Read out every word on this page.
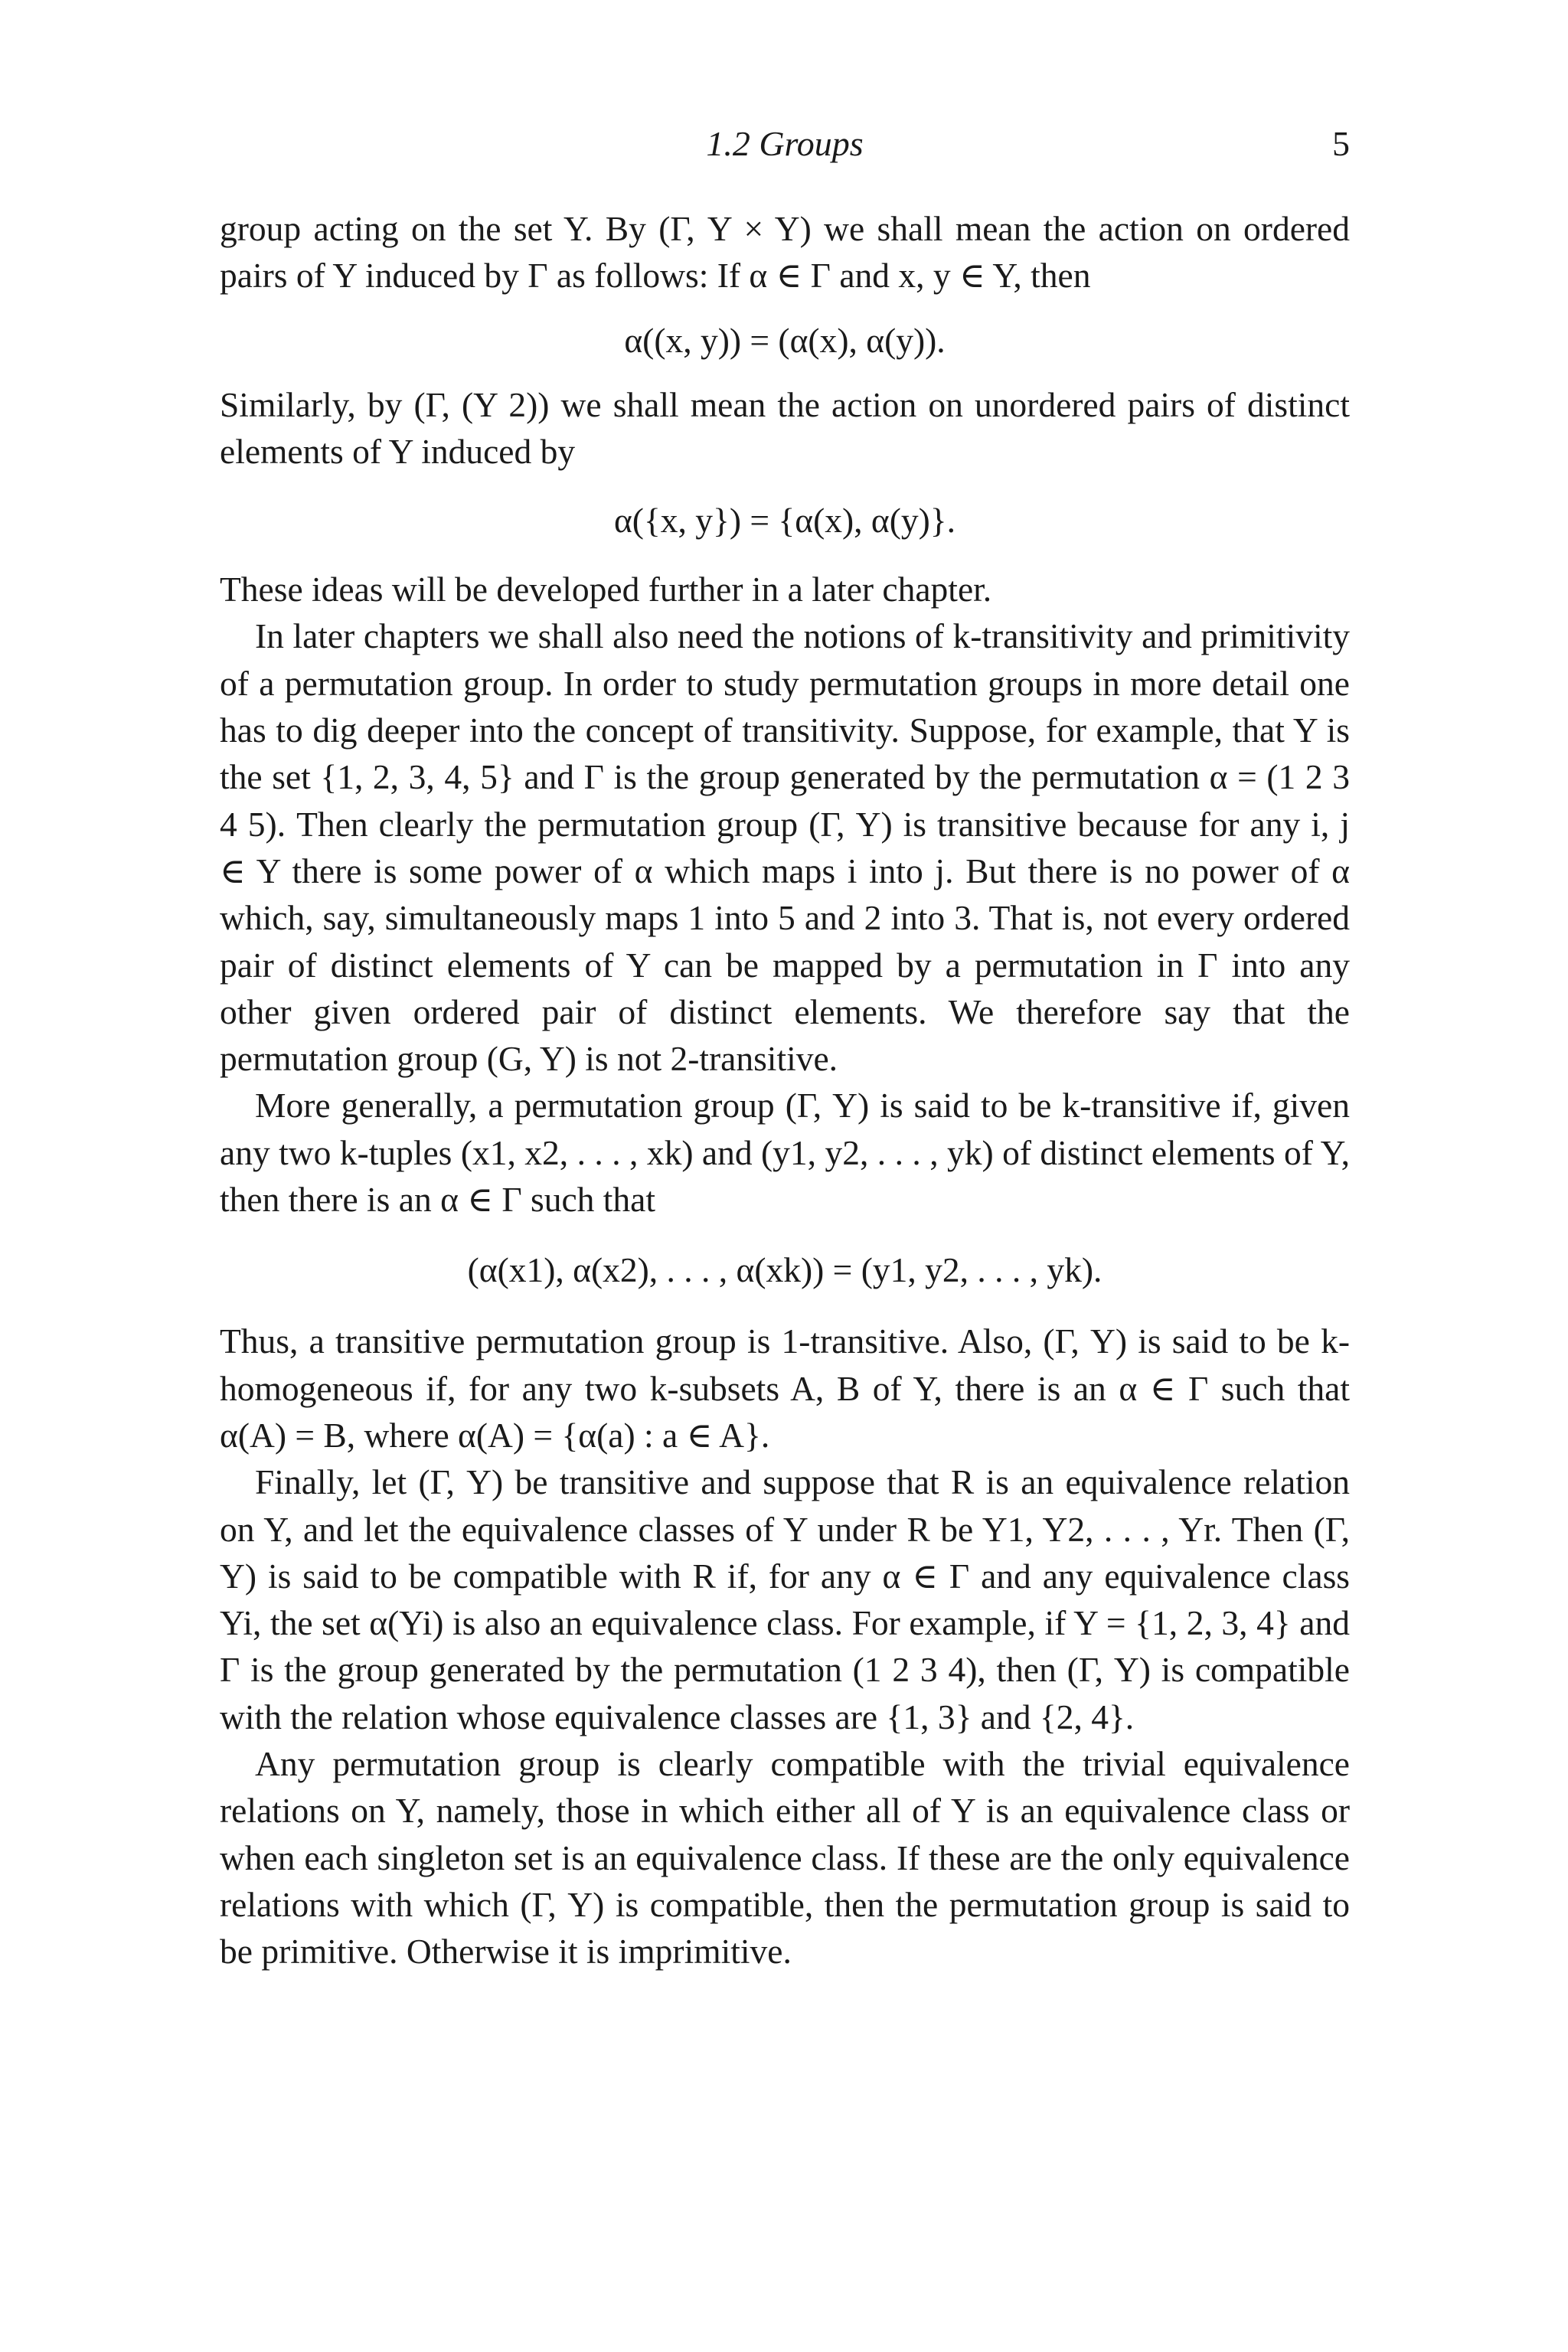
1.2 Groups	5

group acting on the set Y. By (Γ, Y × Y) we shall mean the action on ordered pairs of Y induced by Γ as follows: If α ∈ Γ and x, y ∈ Y, then

α((x, y)) = (α(x), α(y)).

Similarly, by (Γ, (Y 2)) we shall mean the action on unordered pairs of distinct elements of Y induced by

α({x, y}) = {α(x), α(y)}.

These ideas will be developed further in a later chapter.

In later chapters we shall also need the notions of k-transitivity and primitivity of a permutation group. In order to study permutation groups in more detail one has to dig deeper into the concept of transitivity. Suppose, for example, that Y is the set {1, 2, 3, 4, 5} and Γ is the group generated by the permutation α = (1 2 3 4 5). Then clearly the permutation group (Γ, Y) is transitive because for any i, j ∈ Y there is some power of α which maps i into j. But there is no power of α which, say, simultaneously maps 1 into 5 and 2 into 3. That is, not every ordered pair of distinct elements of Y can be mapped by a permutation in Γ into any other given ordered pair of distinct elements. We therefore say that the permutation group (G, Y) is not 2-transitive.

More generally, a permutation group (Γ, Y) is said to be k-transitive if, given any two k-tuples (x1, x2, . . . , xk) and (y1, y2, . . . , yk) of distinct elements of Y, then there is an α ∈ Γ such that

(α(x1), α(x2), . . . , α(xk)) = (y1, y2, . . . , yk).

Thus, a transitive permutation group is 1-transitive. Also, (Γ, Y) is said to be k-homogeneous if, for any two k-subsets A, B of Y, there is an α ∈ Γ such that α(A) = B, where α(A) = {α(a) : a ∈ A}.

Finally, let (Γ, Y) be transitive and suppose that R is an equivalence relation on Y, and let the equivalence classes of Y under R be Y1, Y2, . . . , Yr. Then (Γ, Y) is said to be compatible with R if, for any α ∈ Γ and any equivalence class Yi, the set α(Yi) is also an equivalence class. For example, if Y = {1, 2, 3, 4} and Γ is the group generated by the permutation (1 2 3 4), then (Γ, Y) is compatible with the relation whose equivalence classes are {1, 3} and {2, 4}.

Any permutation group is clearly compatible with the trivial equivalence relations on Y, namely, those in which either all of Y is an equivalence class or when each singleton set is an equivalence class. If these are the only equivalence relations with which (Γ, Y) is compatible, then the permutation group is said to be primitive. Otherwise it is imprimitive.
